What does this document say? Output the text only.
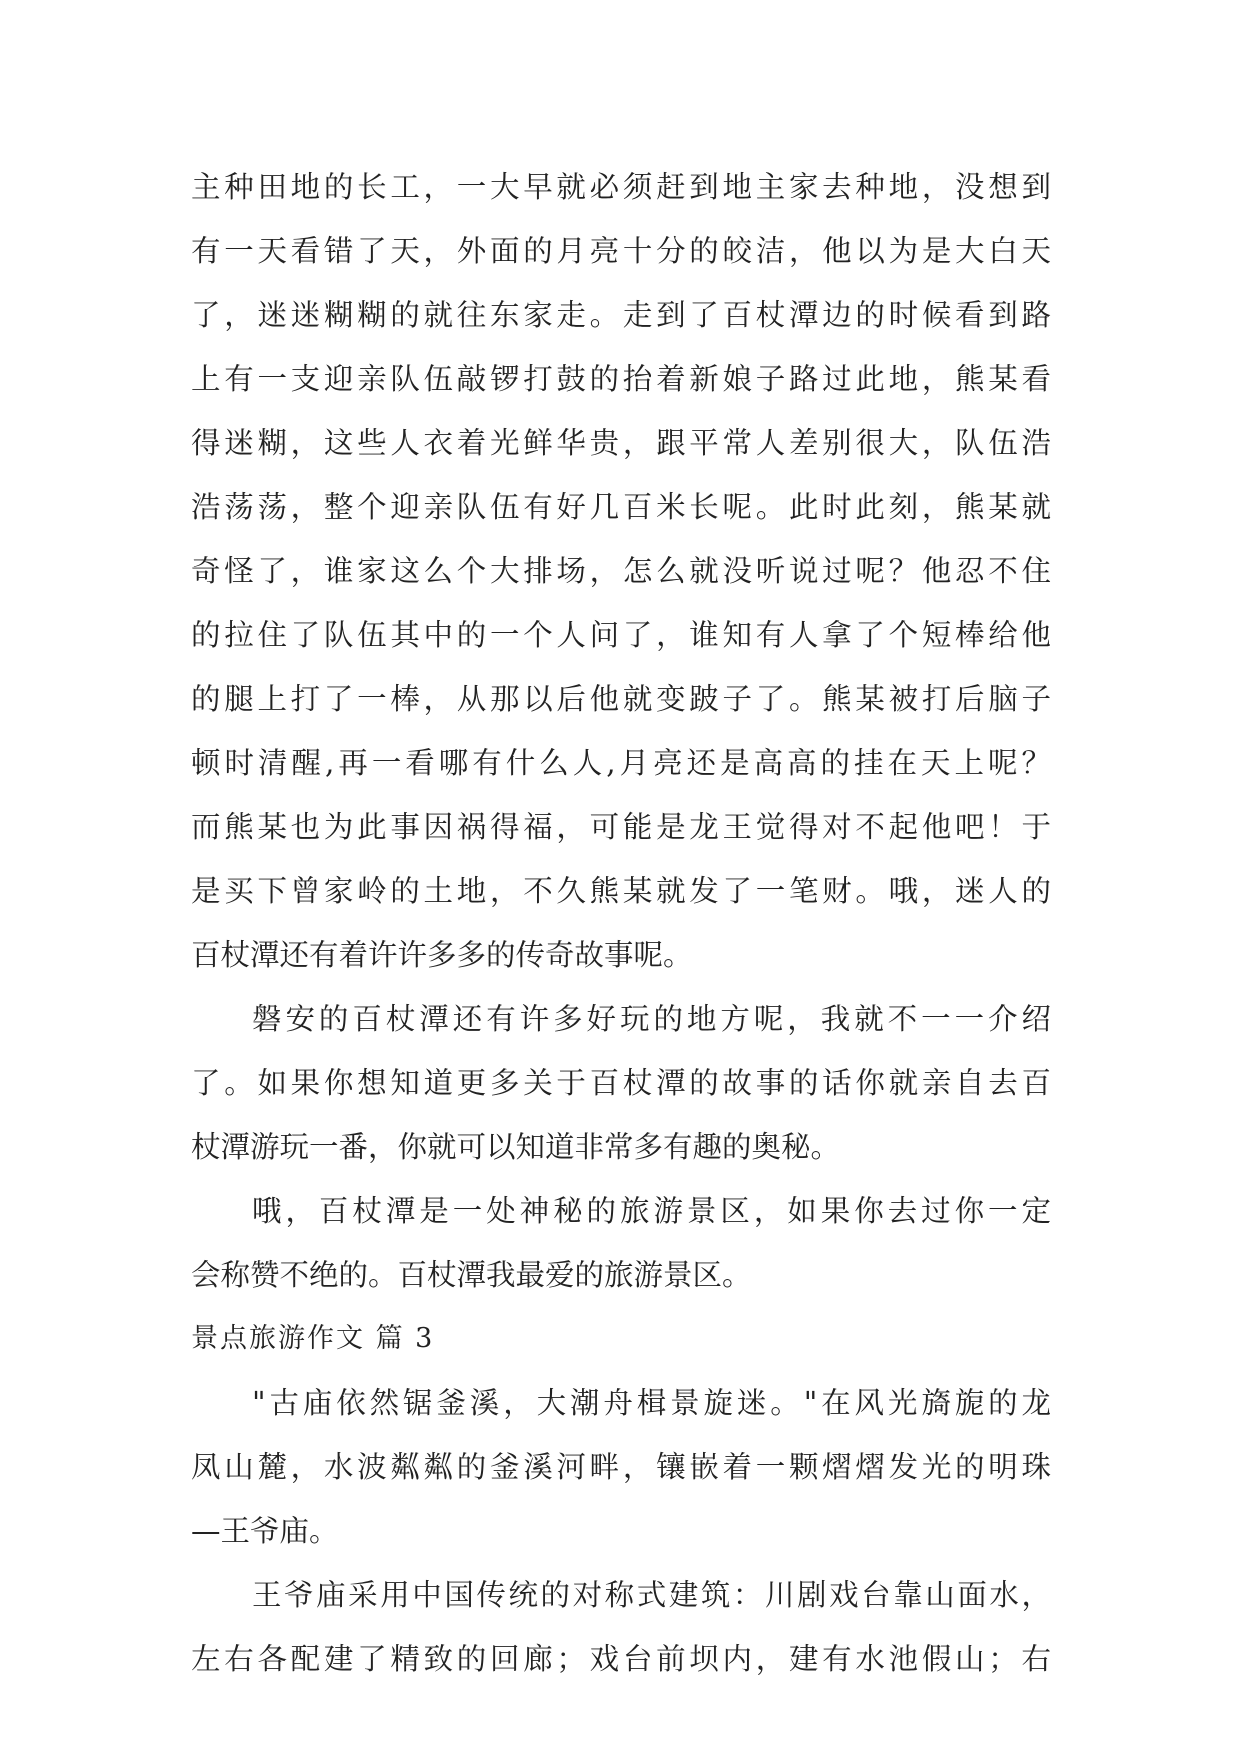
主种田地的长工，一大早就必须赶到地主家去种地，没想到
有一天看错了天，外面的月亮十分的皎洁，他以为是大白天
了，迷迷糊糊的就往东家走。走到了百杖潭边的时候看到路
上有一支迎亲队伍敲锣打鼓的抬着新娘子路过此地，熊某看
得迷糊，这些人衣着光鲜华贵，跟平常人差别很大，队伍浩
浩荡荡，整个迎亲队伍有好几百米长呢。此时此刻，熊某就
奇怪了，谁家这么个大排场，怎么就没听说过呢？他忍不住
的拉住了队伍其中的一个人问了，谁知有人拿了个短棒给他
的腿上打了一棒，从那以后他就变跛子了。熊某被打后脑子
顿时清醒,再一看哪有什么人,月亮还是高高的挂在天上呢？
而熊某也为此事因祸得福，可能是龙王觉得对不起他吧！于
是买下曾家岭的土地，不久熊某就发了一笔财。哦，迷人的
百杖潭还有着许许多多的传奇故事呢。
磐安的百杖潭还有许多好玩的地方呢，我就不一一介绍
了。如果你想知道更多关于百杖潭的故事的话你就亲自去百
杖潭游玩一番，你就可以知道非常多有趣的奥秘。
哦，百杖潭是一处神秘的旅游景区，如果你去过你一定
会称赞不绝的。百杖潭我最爱的旅游景区。
景点旅游作文 篇 3
"古庙依然锯釜溪，大潮舟楫景旋迷。"在风光旖旎的龙
凤山麓，水波粼粼的釜溪河畔，镶嵌着一颗熠熠发光的明珠
—王爷庙。
王爷庙采用中国传统的对称式建筑：川剧戏台靠山面水，
左右各配建了精致的回廊；戏台前坝内，建有水池假山；右
